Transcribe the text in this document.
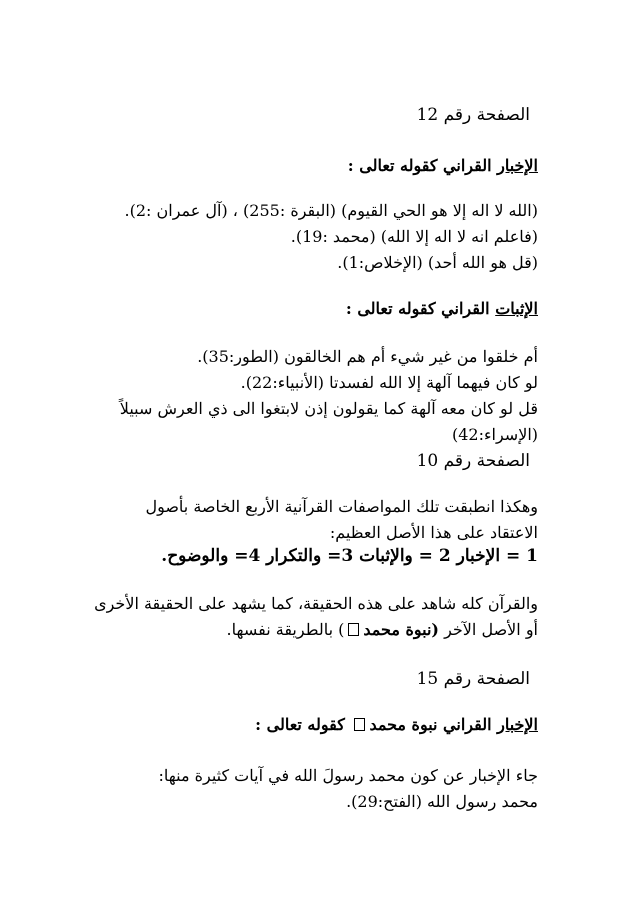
الصفحة رقم 12
الإخبار القراني كقوله تعالى :
(الله لا اله إلا هو الحي القيوم) (البقرة :255) ، (آل عمران :2).
(فاعلم انه لا اله إلا الله) (محمد :19).
(قل هو الله أحد) (الإخلاص:1).
الإثبات القراني كقوله تعالى :
أم خلقوا من غير شيء أم هم الخالقون (الطور:35).
لو كان فيهما آلهة إلا الله لفسدتا (الأنبياء:22).
قل لو كان معه آلهة كما يقولون إذن لابتغوا الى ذي العرش سبيلاً
(الإسراء:42)
الصفحة رقم 10
وهكذا انطبقت تلك المواصفات القرآنية الأربع الخاصة بأصول
الاعتقاد على هذا الأصل العظيم:
1 = الإخبار 2 = والإثبات 3= والتكرار 4= والوضوح.
والقرآن كله شاهد على هذه الحقيقة، كما يشهد على الحقيقة الأخرى
أو الأصل الآخر (نبوة محمد) بالطريقة نفسها.
الصفحة رقم 15
الإخبار القراني نبوة محمد كقوله تعالى :
جاء الإخبار عن كون محمد رسولَ الله في آيات كثيرة منها:
محمد رسول الله (الفتح:29).
